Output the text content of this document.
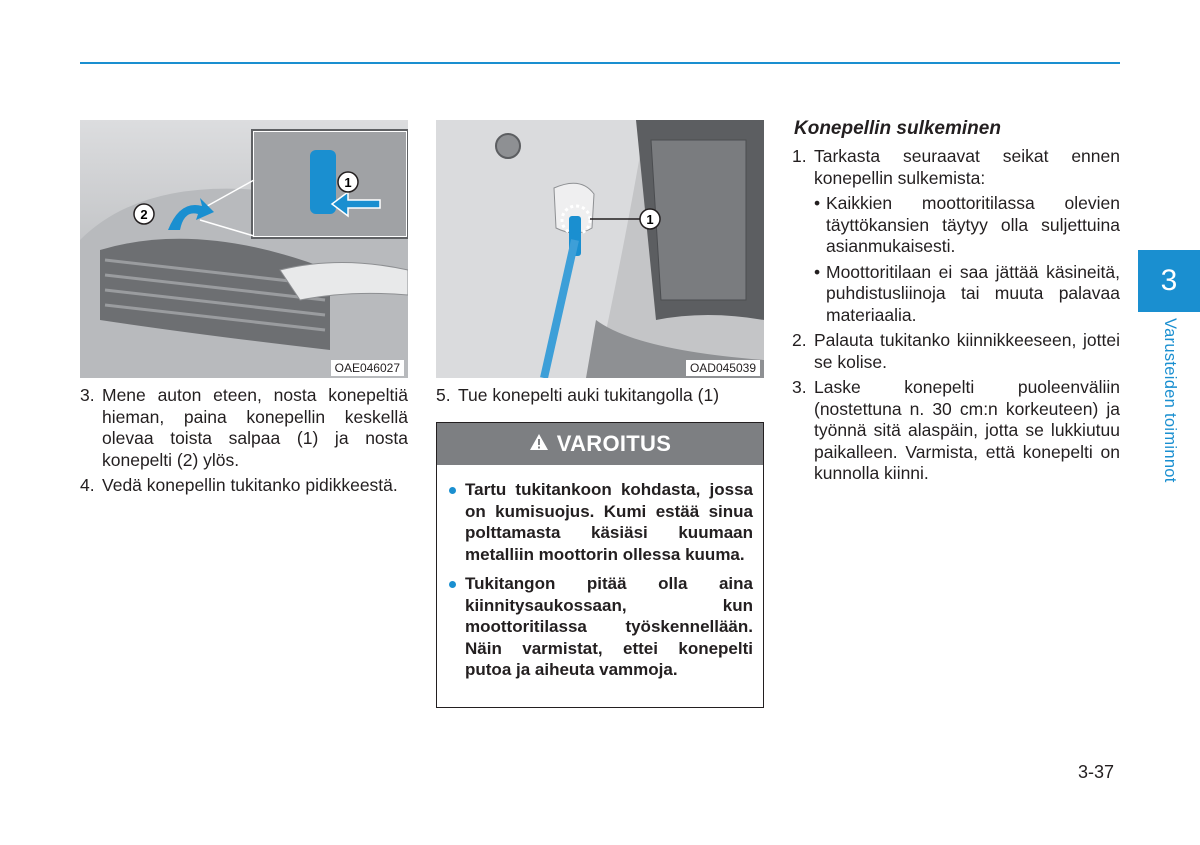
1
2
OAE046027
3. Mene auton eteen, nosta konepeltiä hieman, paina konepellin keskellä olevaa toista salpaa (1) ja nosta konepelti (2) ylös.
4. Vedä konepellin tukitanko pidikkeestä.
1
OAD045039
5. Tue konepelti auki tukitangolla (1)
VAROITUS
Tartu tukitankoon kohdasta, jossa on kumisuojus. Kumi estää sinua polttamasta käsiäsi kuumaan metalliin moottorin ollessa kuuma.
Tukitangon pitää olla aina kiinnitysaukossaan, kun moottoritilassa työskennellään. Näin varmistat, ettei konepelti putoa ja aiheuta vammoja.
Konepellin sulkeminen
1. Tarkasta seuraavat seikat ennen konepellin sulkemista:
• Kaikkien moottoritilassa olevien täyttökansien täytyy olla suljettuina asianmukaisesti.
• Moottoritilaan ei saa jättää käsineitä, puhdistusliinoja tai muuta palavaa materiaalia.
2. Palauta tukitanko kiinnikkeeseen, jottei se kolise.
3. Laske konepelti puoleenväliin (nostettuna n. 30 cm:n korkeuteen) ja työnnä sitä alaspäin, jotta se lukkiutuu paikalleen. Varmista, että konepelti on kunnolla kiinni.
3
Varusteiden toiminnot
3-37
